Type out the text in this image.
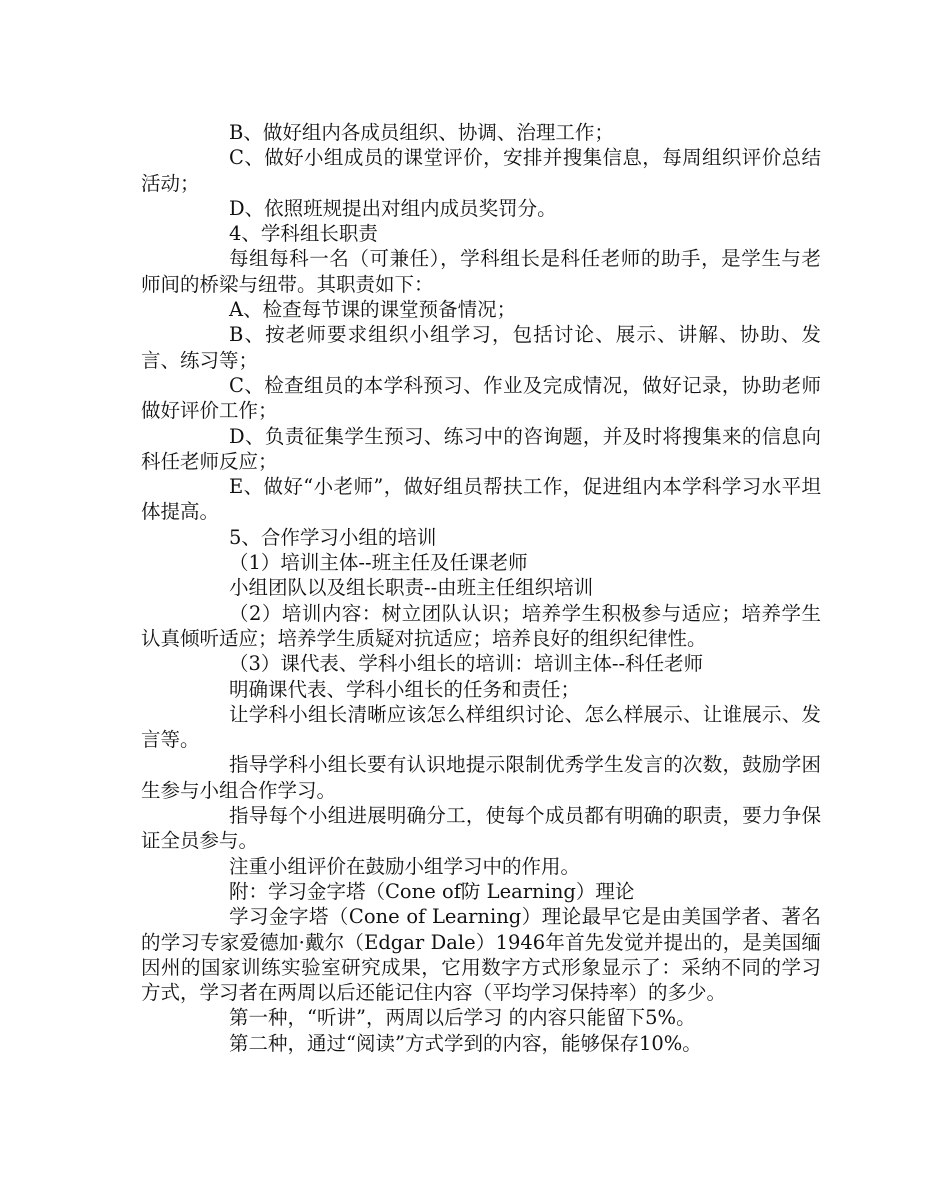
B、做好组内各成员组织、协调、治理工作；

C、做好小组成员的课堂评价，安排并搜集信息，每周组织评价总结活动；

D、依照班规提出对组内成员奖罚分。

4、学科组长职责

每组每科一名（可兼任），学科组长是科任老师的助手，是学生与老师间的桥梁与纽带。其职责如下：

A、检查每节课的课堂预备情况；

B、按老师要求组织小组学习，包括讨论、展示、讲解、协助、发言、练习等；

C、检查组员的本学科预习、作业及完成情况，做好记录，协助老师做好评价工作；

D、负责征集学生预习、练习中的咨询题，并及时将搜集来的信息向科任老师反应；

E、做好“小老师”，做好组员帮扶工作，促进组内本学科学习水平坦体提高。

5、合作学习小组的培训

（1）培训主体--班主任及任课老师

小组团队以及组长职责--由班主任组织培训

（2）培训内容：树立团队认识；培养学生积极参与适应；培养学生认真倾听适应；培养学生质疑对抗适应；培养良好的组织纪律性。

（3）课代表、学科小组长的培训：培训主体--科任老师

明确课代表、学科小组长的任务和责任；

让学科小组长清晰应该怎么样组织讨论、怎么样展示、让谁展示、发言等。

指导学科小组长要有认识地提示限制优秀学生发言的次数，鼓励学困生参与小组合作学习。

指导每个小组进展明确分工，使每个成员都有明确的职责，要力争保证全员参与。

注重小组评价在鼓励小组学习中的作用。

附：学习金字塔（Cone of防 Learning）理论

学习金字塔（Cone of Learning）理论最早它是由美国学者、著名的学习专家爱德加·戴尔（Edgar Dale）1946年首先发觉并提出的，是美国缅因州的国家训练实验室研究成果，它用数字方式形象显示了：采纳不同的学习方式，学习者在两周以后还能记住内容（平均学习保持率）的多少。

第一种，“听讲”，两周以后学习 的内容只能留下5%。

第二种，通过“阅读”方式学到的内容，能够保存10%。
